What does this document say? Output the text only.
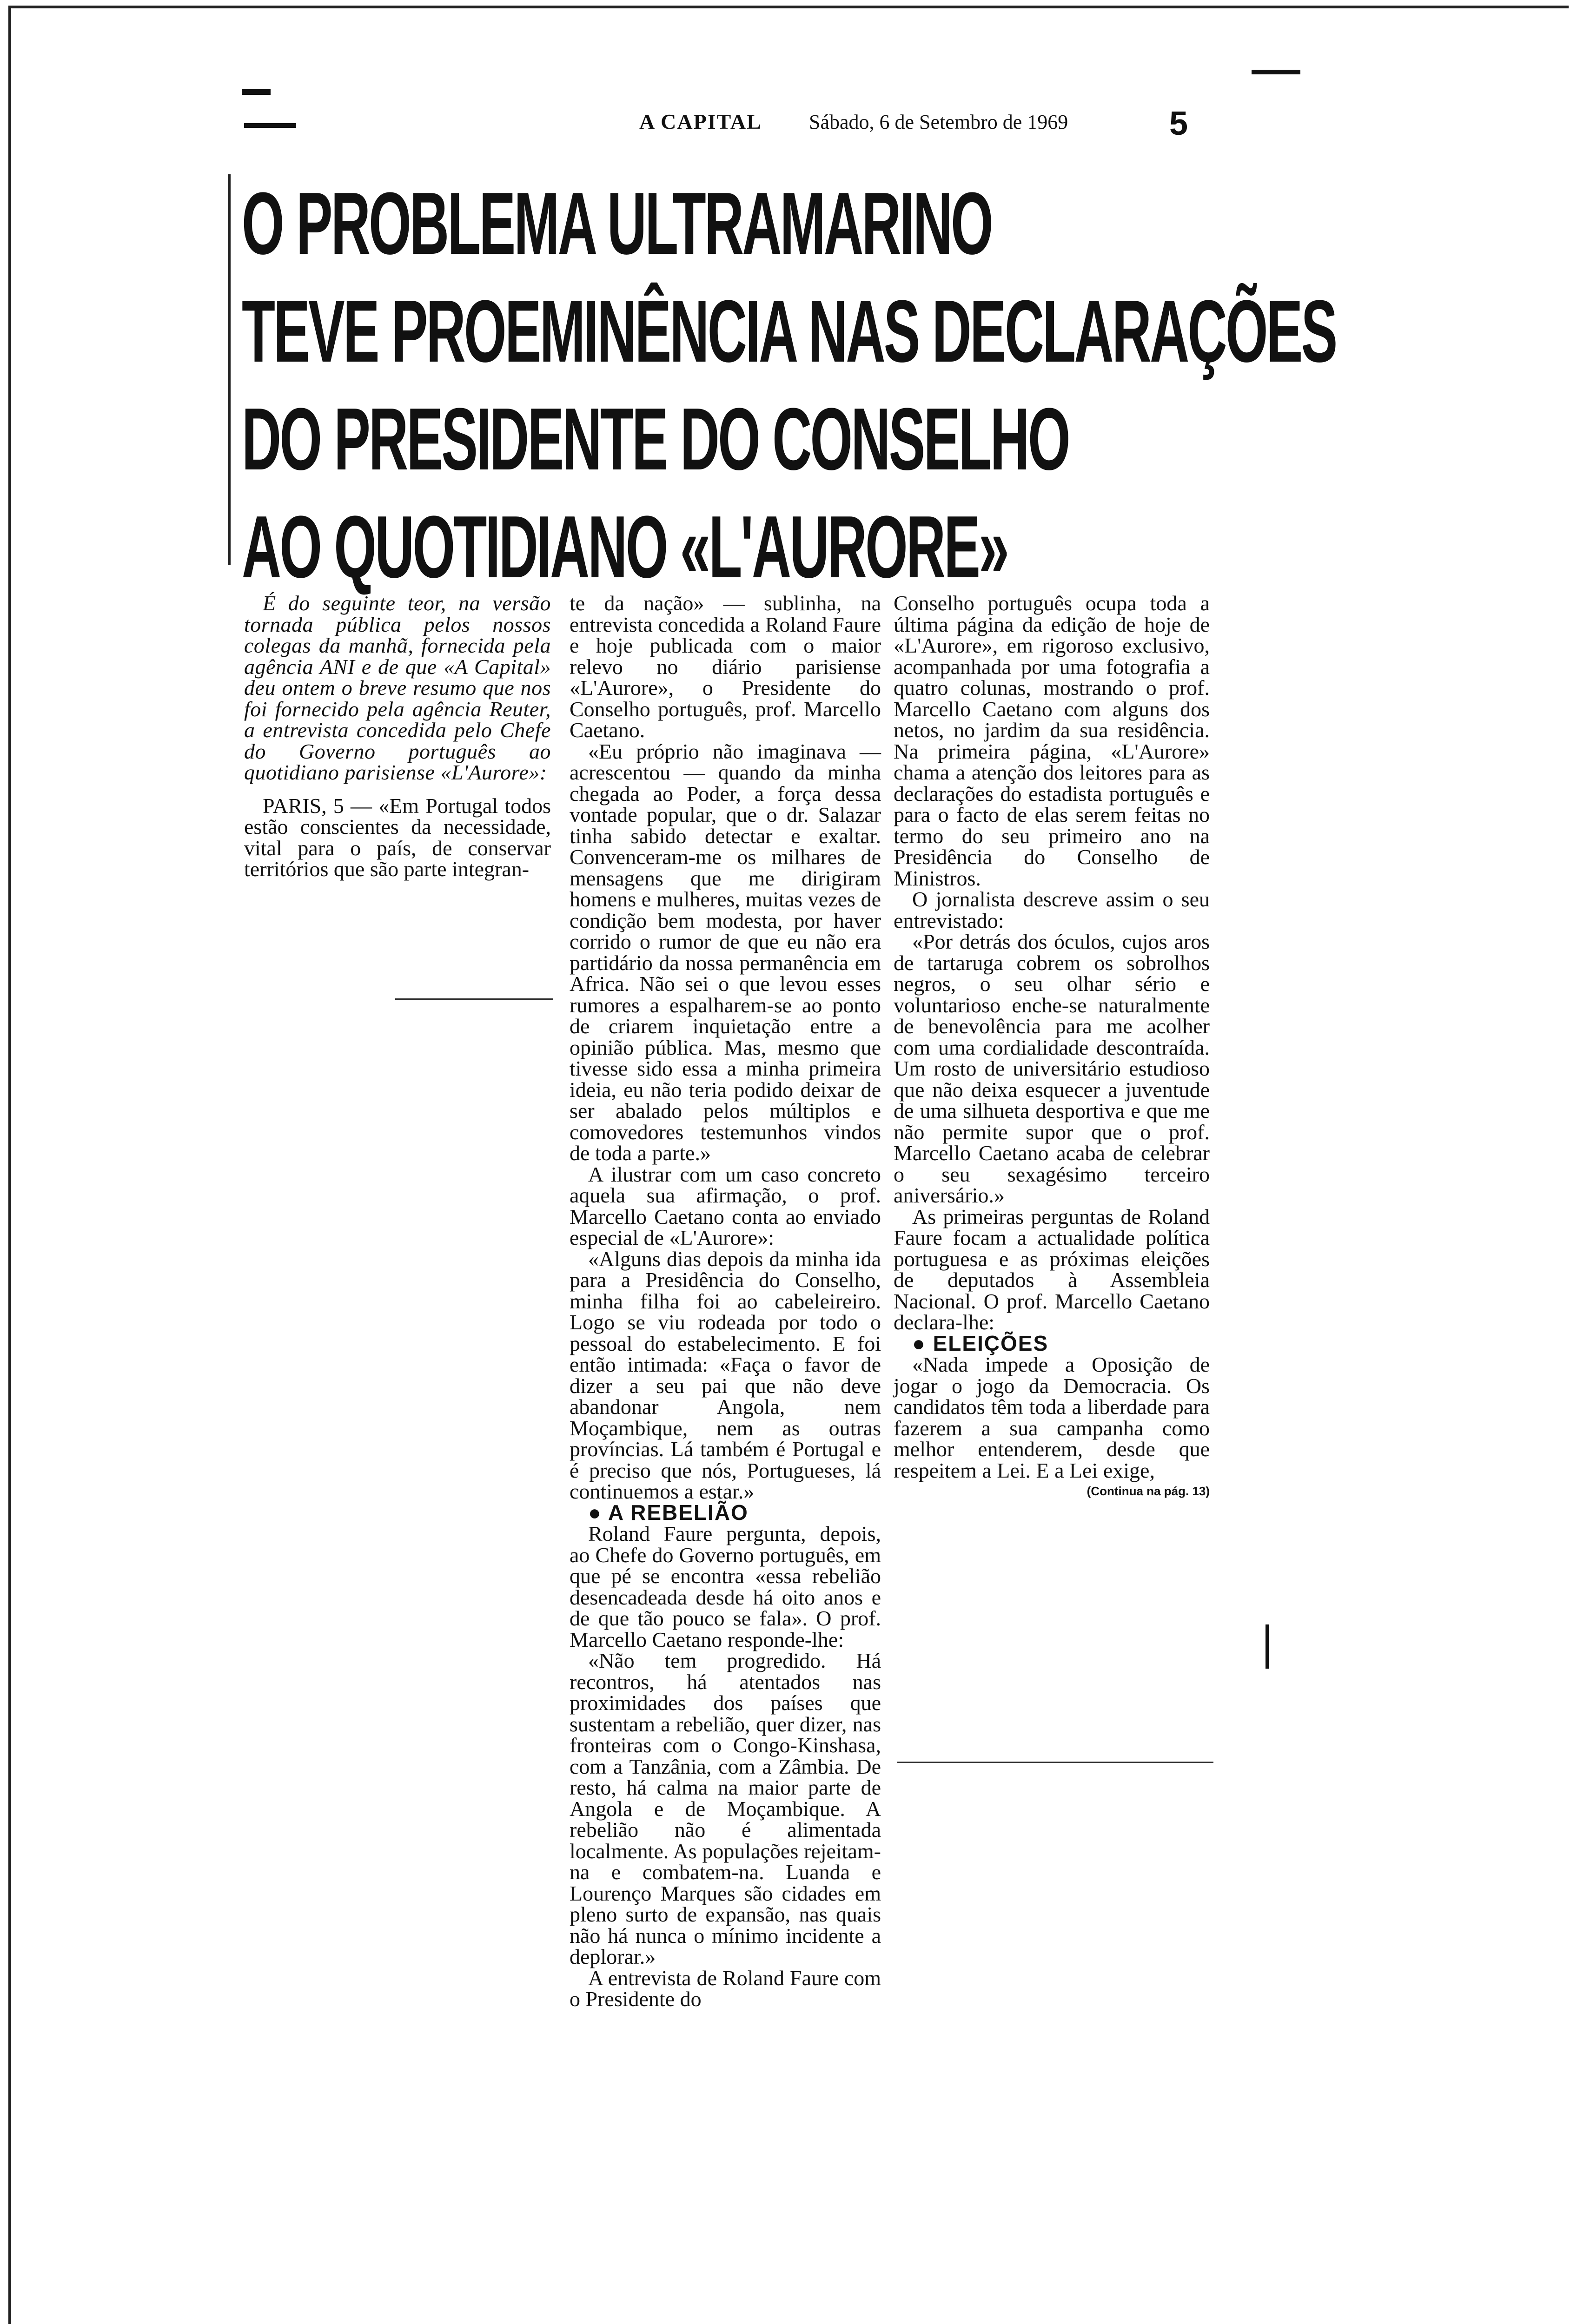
A CAPITAL Sábado, 6 de Setembro de 1969	5
O PROBLEMA ULTRAMARINO
TEVE PROEMINÊNCIA NAS DECLARAÇÕES
DO PRESIDENTE DO CONSELHO
AO QUOTIDIANO «L'AURORE»

É do seguinte teor, na versão tornada pública pelos nossos colegas da manhã, fornecida pela agência ANI e de que «A Capital» deu ontem o breve resumo que nos foi fornecido pela agência Reuter, a entrevista concedida pelo Chefe do Governo português ao quotidiano parisiense «L'Aurore»:

PARIS, 5 — «Em Portugal todos estão conscientes da necessidade, vital para o país, de conservar territórios que são parte integran-

te da nação» — sublinha, na entrevista concedida a Roland Faure e hoje publicada com o maior relevo no diário parisiense «L'Aurore», o Presidente do Conselho português, prof. Marcello Caetano.

«Eu próprio não imaginava — acrescentou — quando da minha chegada ao Poder, a força dessa vontade popular, que o dr. Salazar tinha sabido detectar e exaltar. Convenceram-me os milhares de mensagens que me dirigiram homens e mulheres, muitas vezes de condição bem modesta, por haver corrido o rumor de que eu não era partidário da nossa permanência em Africa. Não sei o que levou esses rumores a espalharem-se ao ponto de criarem inquietação entre a opinião pública. Mas, mesmo que tivesse sido essa a minha primeira ideia, eu não teria podido deixar de ser abalado pelos múltiplos e comovedores testemunhos vindos de toda a parte.»

A ilustrar com um caso concreto aquela sua afirmação, o prof. Marcello Caetano conta ao enviado especial de «L'Aurore»:

«Alguns dias depois da minha ida para a Presidência do Conselho, minha filha foi ao cabeleireiro. Logo se viu rodeada por todo o pessoal do estabelecimento. E foi então intimada: «Faça o favor de dizer a seu pai que não deve abandonar Angola, nem Moçambique, nem as outras províncias. Lá também é Portugal e é preciso que nós, Portugueses, lá continuemos a estar.»

● A REBELIÃO

Roland Faure pergunta, depois, ao Chefe do Governo português, em que pé se encontra «essa rebelião desencadeada desde há oito anos e de que tão pouco se fala». O prof. Marcello Caetano responde-lhe:

«Não tem progredido. Há recontros, há atentados nas proximidades dos países que sustentam a rebelião, quer dizer, nas fronteiras com o Congo-Kinshasa, com a Tanzânia, com a Zâmbia. De resto, há calma na maior parte de Angola e de Moçambique. A rebelião não é alimentada localmente. As populações rejeitam-na e combatem-na. Luanda e Lourenço Marques são cidades em pleno surto de expansão, nas quais não há nunca o mínimo incidente a deplorar.»

A entrevista de Roland Faure com o Presidente do

Conselho português ocupa toda a última página da edição de hoje de «L'Aurore», em rigoroso exclusivo, acompanhada por uma fotografia a quatro colunas, mostrando o prof. Marcello Caetano com alguns dos netos, no jardim da sua residência. Na primeira página, «L'Aurore» chama a atenção dos leitores para as declarações do estadista português e para o facto de elas serem feitas no termo do seu primeiro ano na Presidência do Conselho de Ministros.

O jornalista descreve assim o seu entrevistado:

«Por detrás dos óculos, cujos aros de tartaruga cobrem os sobrolhos negros, o seu olhar sério e voluntarioso enche-se naturalmente de benevolência para me acolher com uma cordialidade descontraída. Um rosto de universitário estudioso que não deixa esquecer a juventude de uma silhueta desportiva e que me não permite supor que o prof. Marcello Caetano acaba de celebrar o seu sexagésimo terceiro aniversário.»

As primeiras perguntas de Roland Faure focam a actualidade política portuguesa e as próximas eleições de deputados à Assembleia Nacional. O prof. Marcello Caetano declara-lhe:

● ELEIÇÕES

«Nada impede a Oposição de jogar o jogo da Democracia. Os candidatos têm toda a liberdade para fazerem a sua campanha como melhor entenderem, desde que respeitem a Lei. E a Lei exige,

(Continua na pág. 13)
